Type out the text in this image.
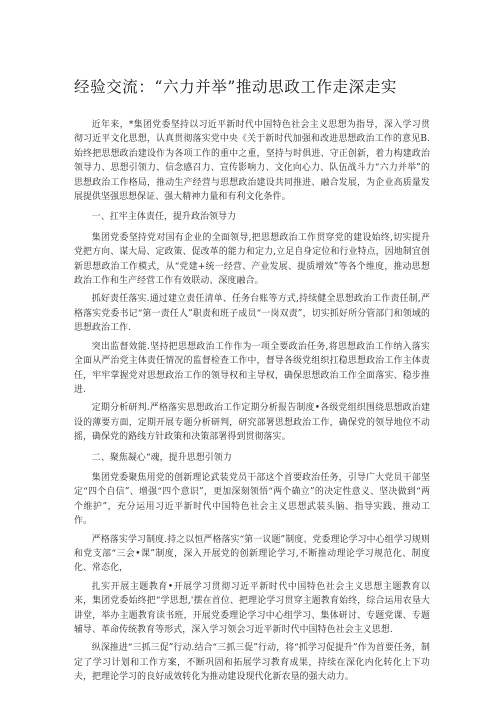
经验交流：“六力并举”推动思政工作走深走实

近年来，*集团党委坚持以习近平新时代中国特色社会主义思想为指导，深入学习贯彻习近平文化思想，认真贯彻落实党中央《关于新时代加强和改进思想政治工作的意见B.始终把思想政治建设作为各项工作的重中之重，坚持与时俱进、守正创新，着力构建政治领导力、思想引领力、信念感召力、宣传影响力、文化向心力、队伍战斗力“六力并举”的思想政治工作格局，推动生产经营与思想政治建设共同推进、融合发展，为企业高质量发展提供坚强思想保证、强大精神力量和有利文化条件。

一、扛牢主体责任，提升政治领导力

集团党委坚持党对国有企业的全面领导,把思想政治工作贯穿党的建设始终,切实提升党把方向、谋大局、定政策、促改革的能力和定力,立足自身定位和行业特点，因地制宜创新思想政治工作模式，从“党建+统一经营、产业发展、提质增效”等各个维度，推动思想政治工作和生产经营工作有效联动、深度融合。

抓好责任落实.通过建立责任清单、任务台账等方式,持续健全思想政治工作责任制,严格落实党委书记“第一责任人”职责和班子成员“一岗双责”，切实抓好所分管部门和领域的思想政治工作.

突出监督效能.坚持把思想政治工作作为一项全要政治任务,将思想政治工作纳入落实全面从严治党主体责任情况的监督检查工作中，督导各级党组织扛稳思想政治工作主体责任，牢牢掌握党对思想政治工作的领导权和主导权，确保思想政治工作全面落实、稳步推进.

定期分析研判.严格落实思想政治工作定期分析报告制度•各级党组织围绕思想政治建设的薄要方面，定期开展专题分析研判，研究部署思想政治工作，确保党的领导地位不动摇，确保党的路线方针政策和决策部署得到贯彻落实。

二、聚焦凝心“魂，提升思想引领力

集团党委聚焦用党的创新理论武装党员干部这个首要政治任务，引导广大党员干部坚定“四个自信”、增强“四个意识”，更加深刻领悟“两个确立”的决定性意义、坚决做到“两个维护”，充分运用习近平新时代中国特色社会主义思想武装头脑、指导实践、推动工作。

严格落实学习制度.持之以恒严格落实“第一议题”制度、党委理论学习中心组学习规则和党支部“三会•课”制度，深入开展党的创新理论学习,不断推动理论学习规范化、制度化、常态化，

扎实开展主题教育•开展学习贯彻习近平新时代中国特色社会主义思想主题教育以来，集团党委始终把“学思想,'摆在首位、把理论学习贯穿主题教育始终，综合运用农垦大讲堂，举办主题教育读书班，开展党委理论学习中心组学习、集体研讨、专题党课、专题辅导、革命传统教育等形式，深入学习领会习近平新时代中国特色社会主义思想.

纵深推进“三抓三促”行动.结合“三抓三促”行动，将“抓学习促提升”作为首要任务，制定了学习计划和工作方案，不断巩固和拓展学习教育成果，持续在深化内化转化上下功夫，把理论学习的良好成效转化为推动建设现代化新农垦的强大动力。
